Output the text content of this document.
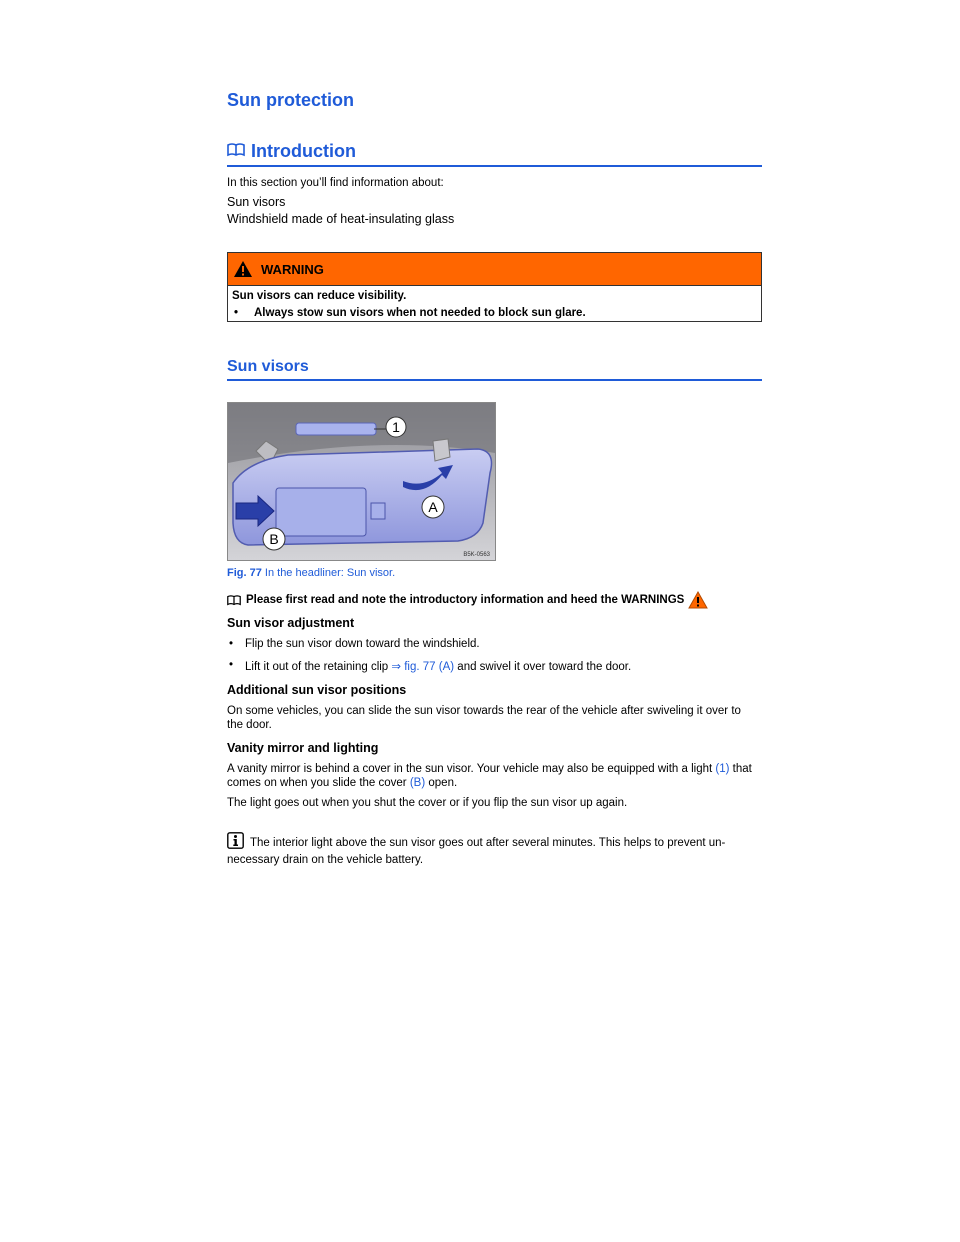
Sun protection
Introduction
In this section you’ll find information about:
Sun visors
Windshield made of heat-insulating glass
WARNING
Sun visors can reduce visibility.
•	Always stow sun visors when not needed to block sun glare.
Sun visors
1
A
B
B5K-0563
Fig. 77 In the headliner: Sun visor.
Please first read and note the introductory information and heed the WARNINGS
Sun visor adjustment
•	Flip the sun visor down toward the windshield.
•	Lift it out of the retaining clip ⇒ fig. 77 (A) and swivel it over toward the door.
Additional sun visor positions
On some vehicles, you can slide the sun visor towards the rear of the vehicle after swiveling it over to the door.
Vanity mirror and lighting
A vanity mirror is behind a cover in the sun visor. Your vehicle may also be equipped with a light (1) that comes on when you slide the cover (B) open.
The light goes out when you shut the cover or if you flip the sun visor up again.
The interior light above the sun visor goes out after several minutes. This helps to prevent un-necessary drain on the vehicle battery.
